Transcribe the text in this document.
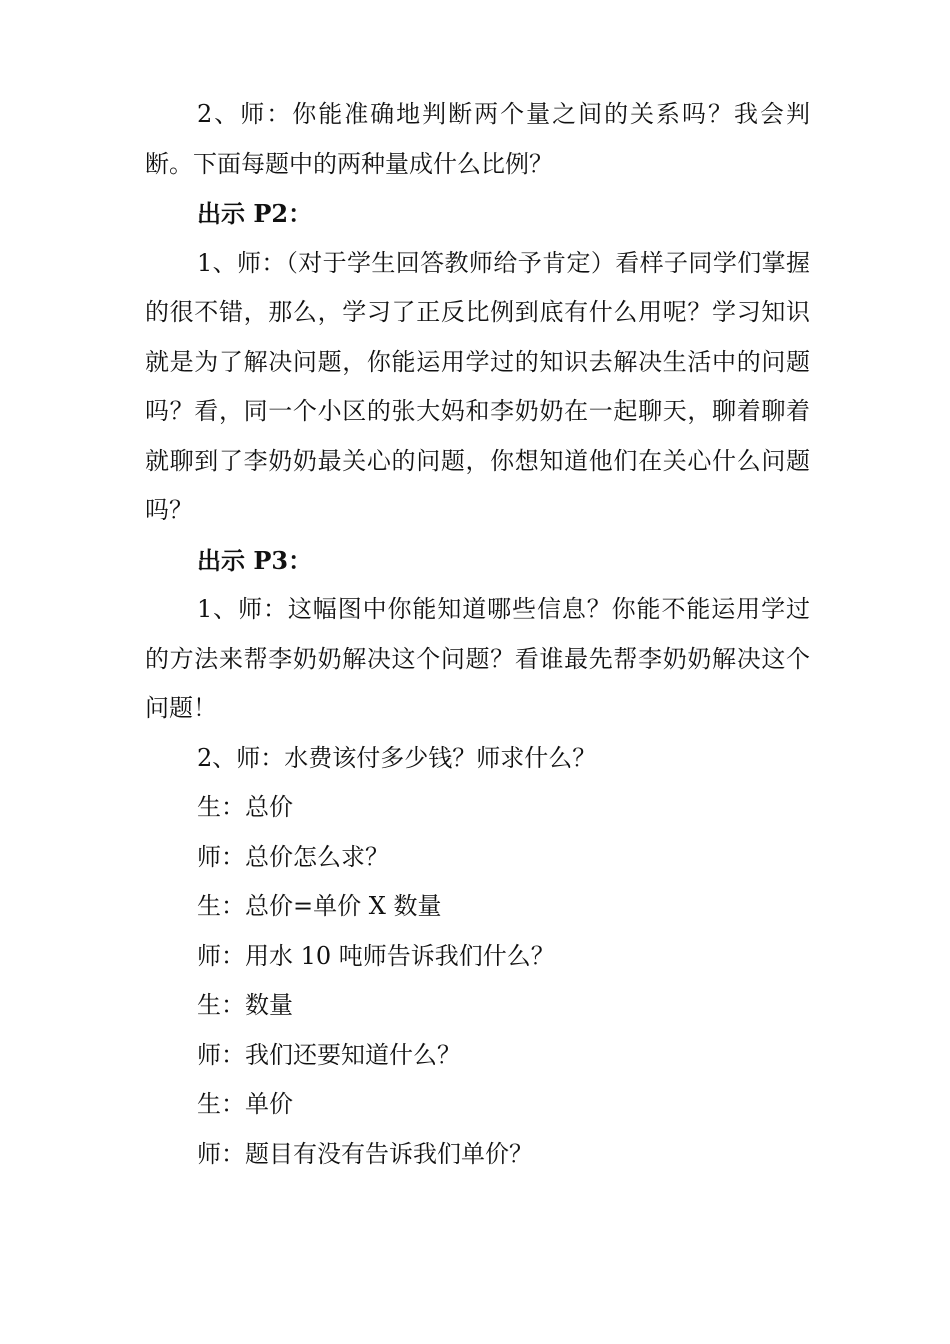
2、师：你能准确地判断两个量之间的关系吗？我会判断。下面每题中的两种量成什么比例？

出示 P2：

1、师：（对于学生回答教师给予肯定）看样子同学们掌握的很不错，那么，学习了正反比例到底有什么用呢？学习知识就是为了解决问题，你能运用学过的知识去解决生活中的问题吗？看，同一个小区的张大妈和李奶奶在一起聊天，聊着聊着就聊到了李奶奶最关心的问题，你想知道他们在关心什么问题吗？

出示 P3：

1、师：这幅图中你能知道哪些信息？你能不能运用学过的方法来帮李奶奶解决这个问题？看谁最先帮李奶奶解决这个问题！

2、师：水费该付多少钱？师求什么？

生：总价

师：总价怎么求？

生：总价=单价 X 数量

师：用水 10 吨师告诉我们什么？

生：数量

师：我们还要知道什么？

生：单价

师：题目有没有告诉我们单价？
